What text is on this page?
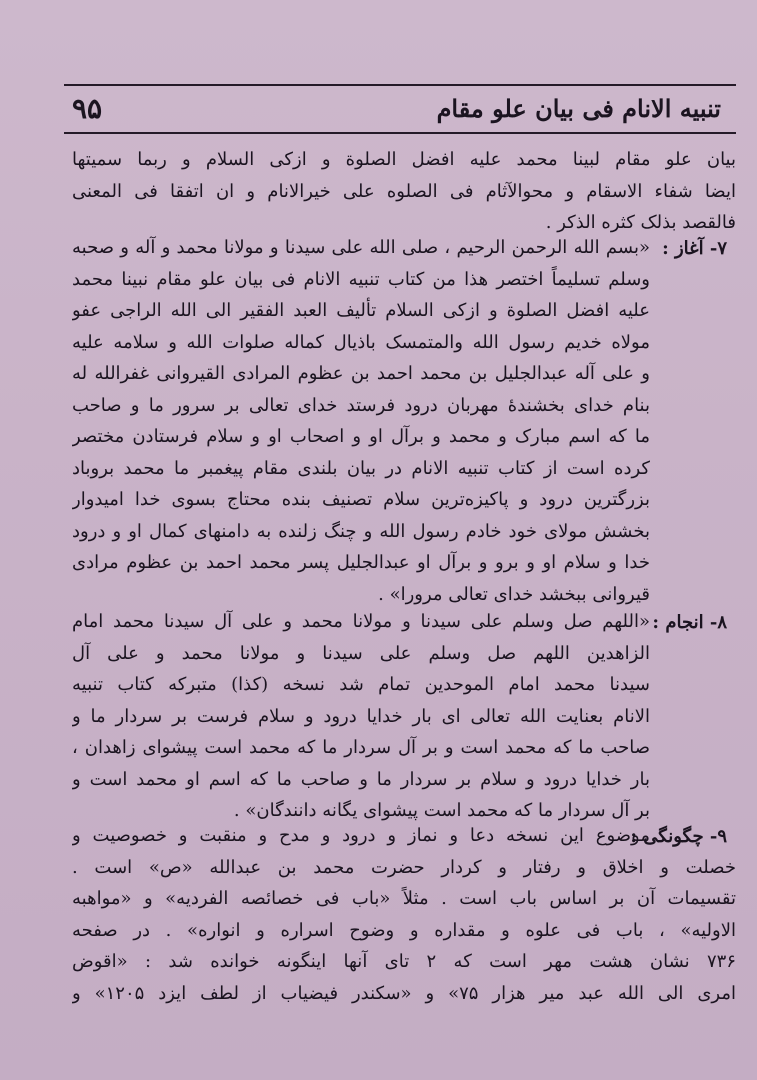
۹۵	تنبیه الانام فی بیان علو مقام
بیان علو مقام لبینا محمد علیه افضل الصلوة و ازکی السلام و ربما سمیتها
ایضا شفاء الاسقام و محوالآثام فی الصلوه علی خیرالانام و ان اتفقا فی المعنی
فالقصد بذلک کثره الذکر .
۷- آغاز :
«بسم الله الرحمن الرحیم ، صلی الله علی سیدنا و مولانا محمد و آله و صحبه
وسلم تسلیماً اختصر هذا من کتاب تنبیه الانام فی بیان علو مقام نبینا محمد
علیه افضل الصلوة و ازکی السلام تألیف العبد الفقیر الی الله الراجی عفو
مولاه خدیم رسول الله والمتمسک باذیال کماله صلوات الله و سلامه علیه
و علی آله عبدالجلیل بن محمد احمد بن عظوم المرادی القیروانی غفرالله له
بنام خدای بخشندهٔ مهربان درود فرستد خدای تعالی بر سرور ما و صاحب
ما که اسم مبارک و محمد و برآل او و اصحاب او و سلام فرستادن مختصر
کرده است از کتاب تنبیه الانام در بیان بلندی مقام پیغمبر ما محمد بروباد
بزرگترین درود و پاکیزه‌ترین سلام تصنیف بنده محتاج بسوی خدا امیدوار
بخشش مولای خود خادم رسول الله و چنگ زلنده به دامنهای کمال او و درود
خدا و سلام او و برو و برآل او عبدالجلیل پسر محمد احمد بن عظوم مرادی
قیروانی ببخشد خدای تعالی مرورا» .
۸- انجام :
«اللهم صل وسلم علی سیدنا و مولانا محمد و علی آل سیدنا محمد امام
الزاهدین اللهم صل وسلم علی سیدنا و مولانا محمد و علی آل
سیدنا محمد امام الموحدین تمام شد نسخه (کذا) متبرکه کتاب تنبیه
الانام بعنایت الله تعالی ای بار خدایا درود و سلام فرست بر سردار ما و
صاحب ما که محمد است و بر آل سردار ما که محمد است پیشوای زاهدان ،
بار خدایا درود و سلام بر سردار ما و صاحب ما که اسم او محمد است و
بر آل سردار ما که محمد است پیشوای یگانه دانندگان» .
۹- چگونگی :
موضوع این نسخه دعا و نماز و درود و مدح و منقبت و خصوصیت و
خصلت و اخلاق و رفتار و کردار حضرت محمد بن عبدالله «ص» است .
تقسیمات آن بر اساس باب است . مثلاً «باب فی خصائصه الفردیه» و «مواهبه
الاولیه» ، باب فی علوه و مقداره و وضوح اسراره و انواره» . در صفحه
۷۳۶ نشان هشت مهر است که ۲ تای آنها اینگونه خوانده شد : «اقوض
امری الی الله عبد میر هزار ۷۵» و «سکندر فیضیاب از لطف ایزد ۱۲۰۵» و
